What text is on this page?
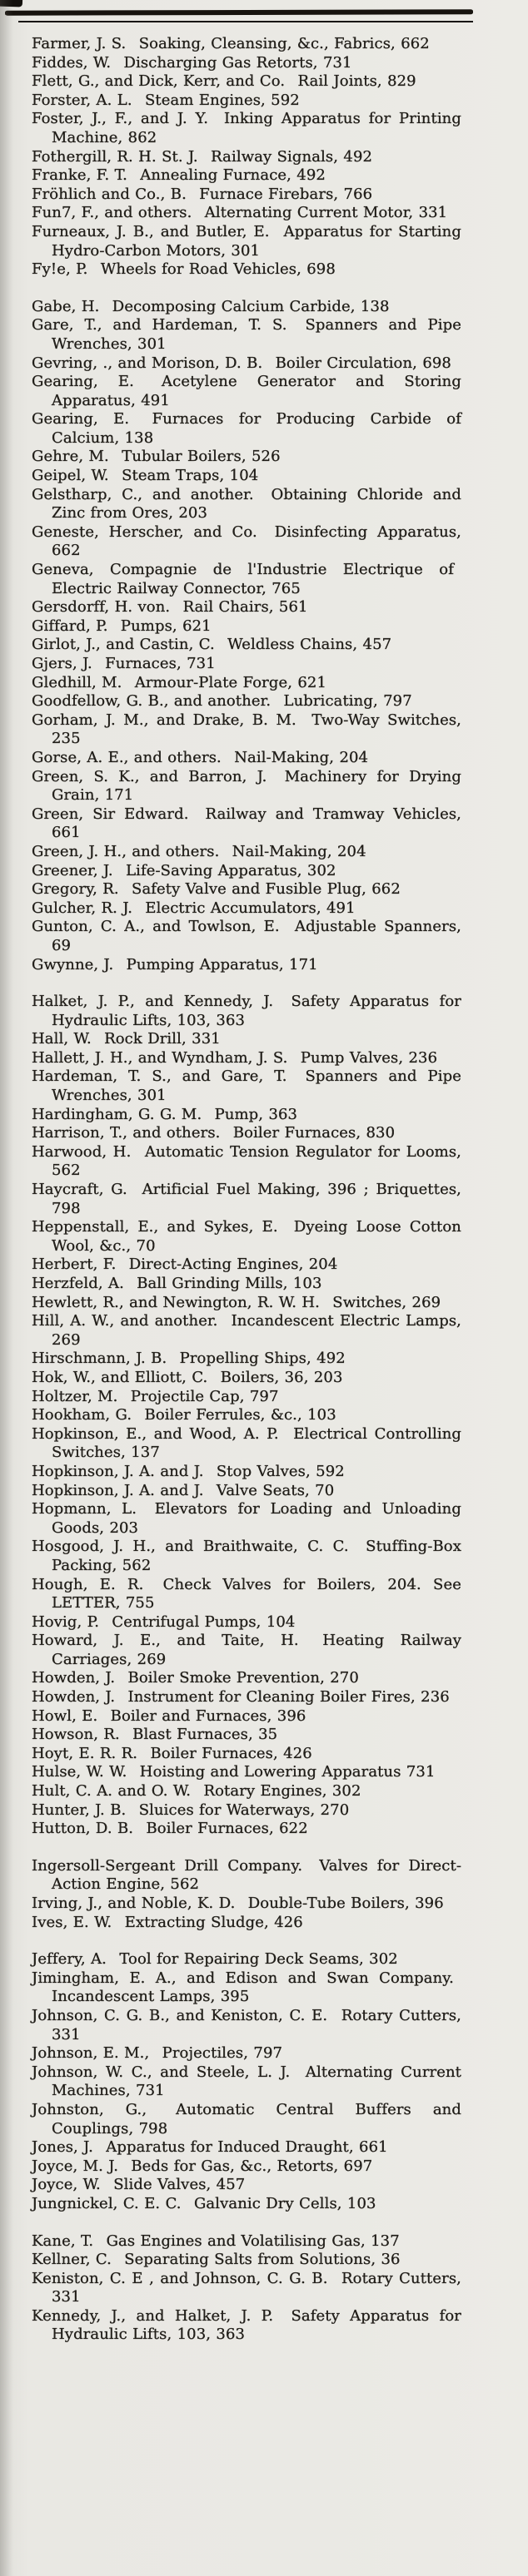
Farmer, J. S. Soaking, Cleansing, &c., Fabrics, 662

Fiddes, W. Discharging Gas Retorts, 731

Flett, G., and Dick, Kerr, and Co. Rail Joints, 829

Forster, A. L. Steam Engines, 592

Foster, J., F., and J. Y. Inking Apparatus for Printing Machine, 862

Fothergill, R. H. St. J. Railway Signals, 492

Franke, F. T. Annealing Furnace, 492

Fröhlich and Co., B. Furnace Firebars, 766

Fun7, F., and others. Alternating Current Motor, 331

Furneaux, J. B., and Butler, E. Apparatus for Starting Hydro-Carbon Motors, 301

Fy!e, P. Wheels for Road Vehicles, 698

Gabe, H. Decomposing Calcium Carbide, 138

Gare, T., and Hardeman, T. S. Spanners and Pipe Wrenches, 301

Gevring, ., and Morison, D. B. Boiler Circulation, 698

Gearing, E. Acetylene Generator and Storing Apparatus, 491

Gearing, E. Furnaces for Producing Carbide of Calcium, 138

Gehre, M. Tubular Boilers, 526

Geipel, W. Steam Traps, 104

Gelstharp, C., and another. Obtaining Chloride and Zinc from Ores, 203

Geneste, Herscher, and Co. Disinfecting Apparatus, 662

Geneva, Compagnie de l'Industrie Electrique of Electric Railway Connector, 765

Gersdorff, H. von. Rail Chairs, 561

Giffard, P. Pumps, 621

Girlot, J., and Castin, C. Weldless Chains, 457

Gjers, J. Furnaces, 731

Gledhill, M. Armour-Plate Forge, 621

Goodfellow, G. B., and another. Lubricating, 797

Gorham, J. M., and Drake, B. M. Two-Way Switches, 235

Gorse, A. E., and others. Nail-Making, 204

Green, S. K., and Barron, J. Machinery for Drying Grain, 171

Green, Sir Edward. Railway and Tramway Vehicles, 661

Green, J. H., and others. Nail-Making, 204

Greener, J. Life-Saving Apparatus, 302

Gregory, R. Safety Valve and Fusible Plug, 662

Gulcher, R. J. Electric Accumulators, 491

Gunton, C. A., and Towlson, E. Adjustable Spanners, 69

Gwynne, J. Pumping Apparatus, 171

Halket, J. P., and Kennedy, J. Safety Apparatus for Hydraulic Lifts, 103, 363

Hall, W. Rock Drill, 331

Hallett, J. H., and Wyndham, J. S. Pump Valves, 236

Hardeman, T. S., and Gare, T. Spanners and Pipe Wrenches, 301

Hardingham, G. G. M. Pump, 363

Harrison, T., and others. Boiler Furnaces, 830

Harwood, H. Automatic Tension Regulator for Looms, 562

Haycraft, G. Artificial Fuel Making, 396 ; Briquettes, 798

Heppenstall, E., and Sykes, E. Dyeing Loose Cotton Wool, &c., 70

Herbert, F. Direct-Acting Engines, 204

Herzfeld, A. Ball Grinding Mills, 103

Hewlett, R., and Newington, R. W. H. Switches, 269

Hill, A. W., and another. Incandescent Electric Lamps, 269

Hirschmann, J. B. Propelling Ships, 492

Hok, W., and Elliott, C. Boilers, 36, 203

Holtzer, M. Projectile Cap, 797

Hookham, G. Boiler Ferrules, &c., 103

Hopkinson, E., and Wood, A. P. Electrical Controlling Switches, 137

Hopkinson, J. A. and J. Stop Valves, 592

Hopkinson, J. A. and J. Valve Seats, 70

Hopmann, L. Elevators for Loading and Unloading Goods, 203

Hosgood, J. H., and Braithwaite, C. C. Stuffing-Box Packing, 562

Hough, E. R. Check Valves for Boilers, 204. See LETTER, 755

Hovig, P. Centrifugal Pumps, 104

Howard, J. E., and Taite, H. Heating Railway Carriages, 269

Howden, J. Boiler Smoke Prevention, 270

Howden, J. Instrument for Cleaning Boiler Fires, 236

Howl, E. Boiler and Furnaces, 396

Howson, R. Blast Furnaces, 35

Hoyt, E. R. R. Boiler Furnaces, 426

Hulse, W. W. Hoisting and Lowering Apparatus 731

Hult, C. A. and O. W. Rotary Engines, 302

Hunter, J. B. Sluices for Waterways, 270

Hutton, D. B. Boiler Furnaces, 622

Ingersoll-Sergeant Drill Company. Valves for Direct-Action Engine, 562

Irving, J., and Noble, K. D. Double-Tube Boilers, 396

Ives, E. W. Extracting Sludge, 426

Jeffery, A. Tool for Repairing Deck Seams, 302

Jimingham, E. A., and Edison and Swan Company. Incandescent Lamps, 395

Johnson, C. G. B., and Keniston, C. E. Rotary Cutters, 331

Johnson, E. M., Projectiles, 797

Johnson, W. C., and Steele, L. J. Alternating Current Machines, 731

Johnston, G., Automatic Central Buffers and Couplings, 798

Jones, J. Apparatus for Induced Draught, 661

Joyce, M. J. Beds for Gas, &c., Retorts, 697

Joyce, W. Slide Valves, 457

Jungnickel, C. E. C. Galvanic Dry Cells, 103

Kane, T. Gas Engines and Volatilising Gas, 137

Kellner, C. Separating Salts from Solutions, 36

Keniston, C. E , and Johnson, C. G. B. Rotary Cutters, 331

Kennedy, J., and Halket, J. P. Safety Apparatus for Hydraulic Lifts, 103, 363
